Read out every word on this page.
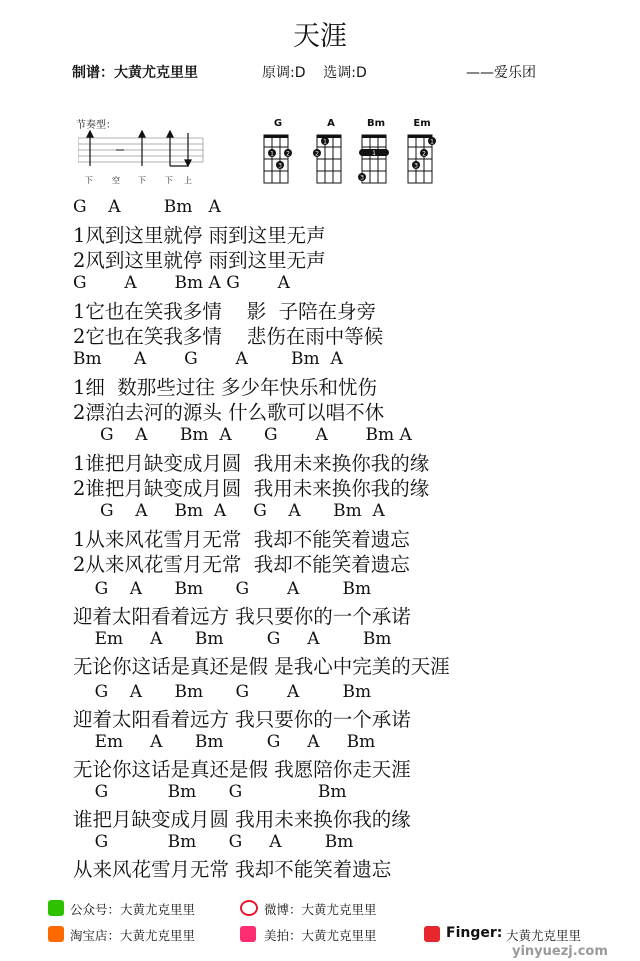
天涯
制谱：大黄尤克里里	原调:D    选调:D	——爱乐团
节奏型：
下 空 下 下 上
G
1 2
3
A
1
2
Bm
1
3
Em
1
2
3
G    A        Bm   A
1风到这里就停 雨到这里无声
2风到这里就停 雨到这里无声
G       A       Bm A G       A
1它也在笑我多情    影  子陪在身旁
2它也在笑我多情    悲伤在雨中等候
Bm      A       G       A        Bm  A
1细  数那些过往 多少年快乐和忧伤
2漂泊去河的源头 什么歌可以唱不休
G    A      Bm  A      G       A       Bm A
1谁把月缺变成月圆  我用未来换你我的缘
2谁把月缺变成月圆  我用未来换你我的缘
G    A     Bm  A     G    A      Bm  A
1从来风花雪月无常  我却不能笑着遗忘
2从来风花雪月无常  我却不能笑着遗忘
G    A      Bm      G       A        Bm
迎着太阳看着远方 我只要你的一个承诺
Em     A      Bm        G     A        Bm
无论你这话是真还是假 是我心中完美的天涯
G    A      Bm      G       A        Bm
迎着太阳看着远方 我只要你的一个承诺
Em     A      Bm        G     A     Bm
无论你这话是真还是假 我愿陪你走天涯
G           Bm      G              Bm
谁把月缺变成月圆 我用未来换你我的缘
G           Bm      G     A        Bm
从来风花雪月无常 我却不能笑着遗忘
公众号：大黄尤克里里	微博：大黄尤克里里
淘宝店：大黄尤克里里	美拍：大黄尤克里里	Finger: 大黄尤克里里
yinyuezj.com
